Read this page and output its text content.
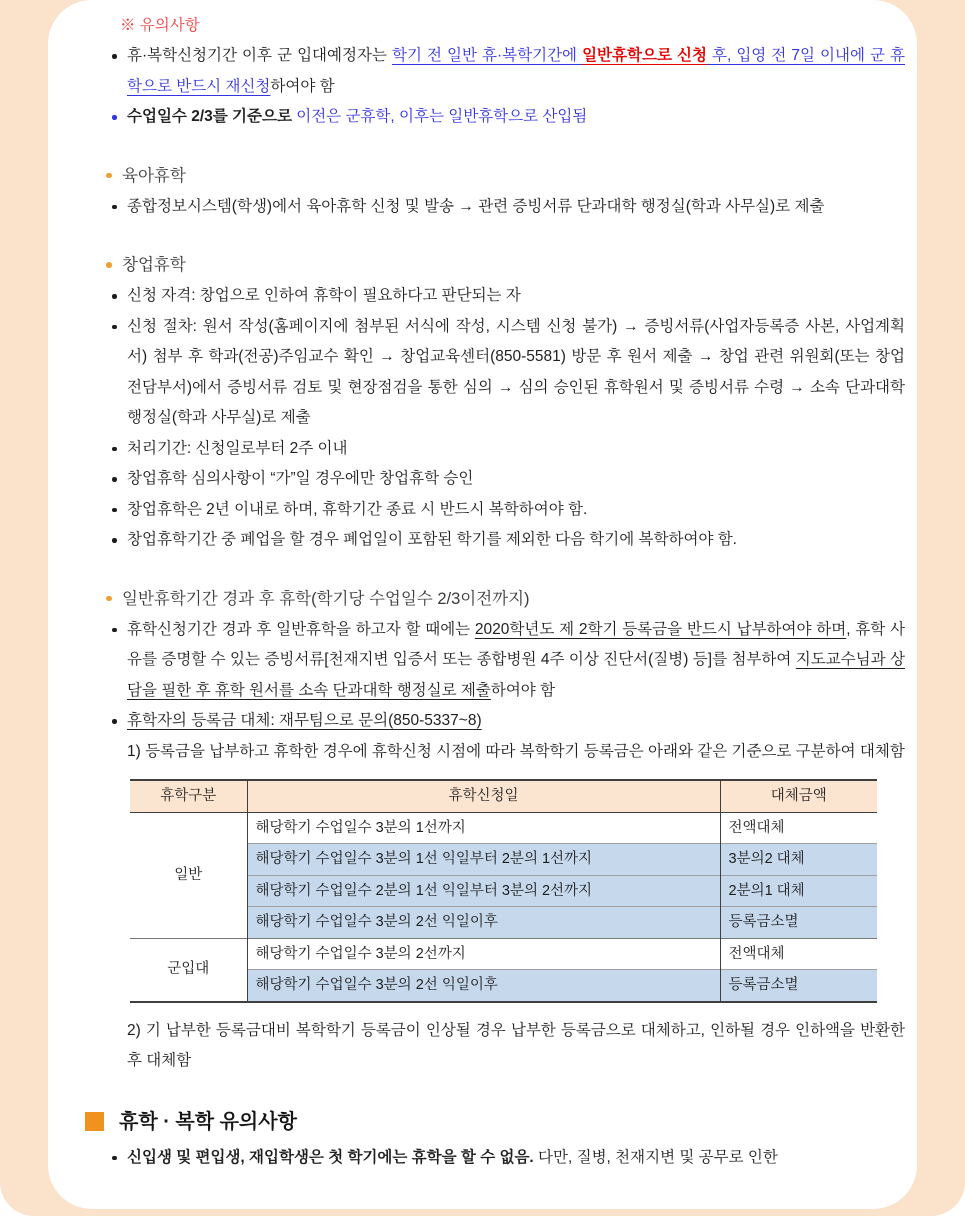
※ 유의사항
휴·복학신청기간 이후 군 입대예정자는 학기 전 일반 휴·복학기간에 일반휴학으로 신청 후, 입영 전 7일 이내에 군 휴학으로 반드시 재신청하여야 함
수업일수 2/3를 기준으로 이전은 군휴학, 이후는 일반휴학으로 산입됨
육아휴학
종합정보시스템(학생)에서 육아휴학 신청 및 발송 → 관련 증빙서류 단과대학 행정실(학과 사무실)로 제출
창업휴학
신청 자격: 창업으로 인하여 휴학이 필요하다고 판단되는 자
신청 절차: 원서 작성(홈페이지에 첨부된 서식에 작성, 시스템 신청 불가) → 증빙서류(사업자등록증 사본, 사업계획서) 첨부 후 학과(전공)주임교수 확인 → 창업교육센터(850-5581) 방문 후 원서 제출 → 창업 관련 위원회(또는 창업 전담부서)에서 증빙서류 검토 및 현장점검을 통한 심의 → 심의 승인된 휴학원서 및 증빙서류 수령 → 소속 단과대학 행정실(학과 사무실)로 제출
처리기간: 신청일로부터 2주 이내
창업휴학 심의사항이 “가”일 경우에만 창업휴학 승인
창업휴학은 2년 이내로 하며, 휴학기간 종료 시 반드시 복학하여야 함.
창업휴학기간 중 폐업을 할 경우 폐업일이 포함된 학기를 제외한 다음 학기에 복학하여야 함.
일반휴학기간 경과 후 휴학(학기당 수업일수 2/3이전까지)
휴학신청기간 경과 후 일반휴학을 하고자 할 때에는 2020학년도 제 2학기 등록금을 반드시 납부하여야 하며, 휴학 사유를 증명할 수 있는 증빙서류[천재지변 입증서 또는 종합병원 4주 이상 진단서(질병) 등]를 첨부하여 지도교수님과 상담을 필한 후 휴학 원서를 소속 단과대학 행정실로 제출하여야 함
휴학자의 등록금 대체: 재무팀으로 문의(850-5337~8)
1) 등록금을 납부하고 휴학한 경우에 휴학신청 시점에 따라 복학학기 등록금은 아래와 같은 기준으로 구분하여 대체함
휴학구분	휴학신청일	대체금액
일반	해당학기 수업일수 3분의 1선까지	전액대체
	해당학기 수업일수 3분의 1선 익일부터 2분의 1선까지	3분의2 대체
	해당학기 수업일수 2분의 1선 익일부터 3분의 2선까지	2분의1 대체
	해당학기 수업일수 3분의 2선 익일이후	등록금소멸
군입대	해당학기 수업일수 3분의 2선까지	전액대체
	해당학기 수업일수 3분의 2선 익일이후	등록금소멸
2) 기 납부한 등록금대비 복학학기 등록금이 인상될 경우 납부한 등록금으로 대체하고, 인하될 경우 인하액을 반환한 후 대체함
휴학 · 복학 유의사항
신입생 및 편입생, 재입학생은 첫 학기에는 휴학을 할 수 없음. 다만, 질병, 천재지변 및 공무로 인한
